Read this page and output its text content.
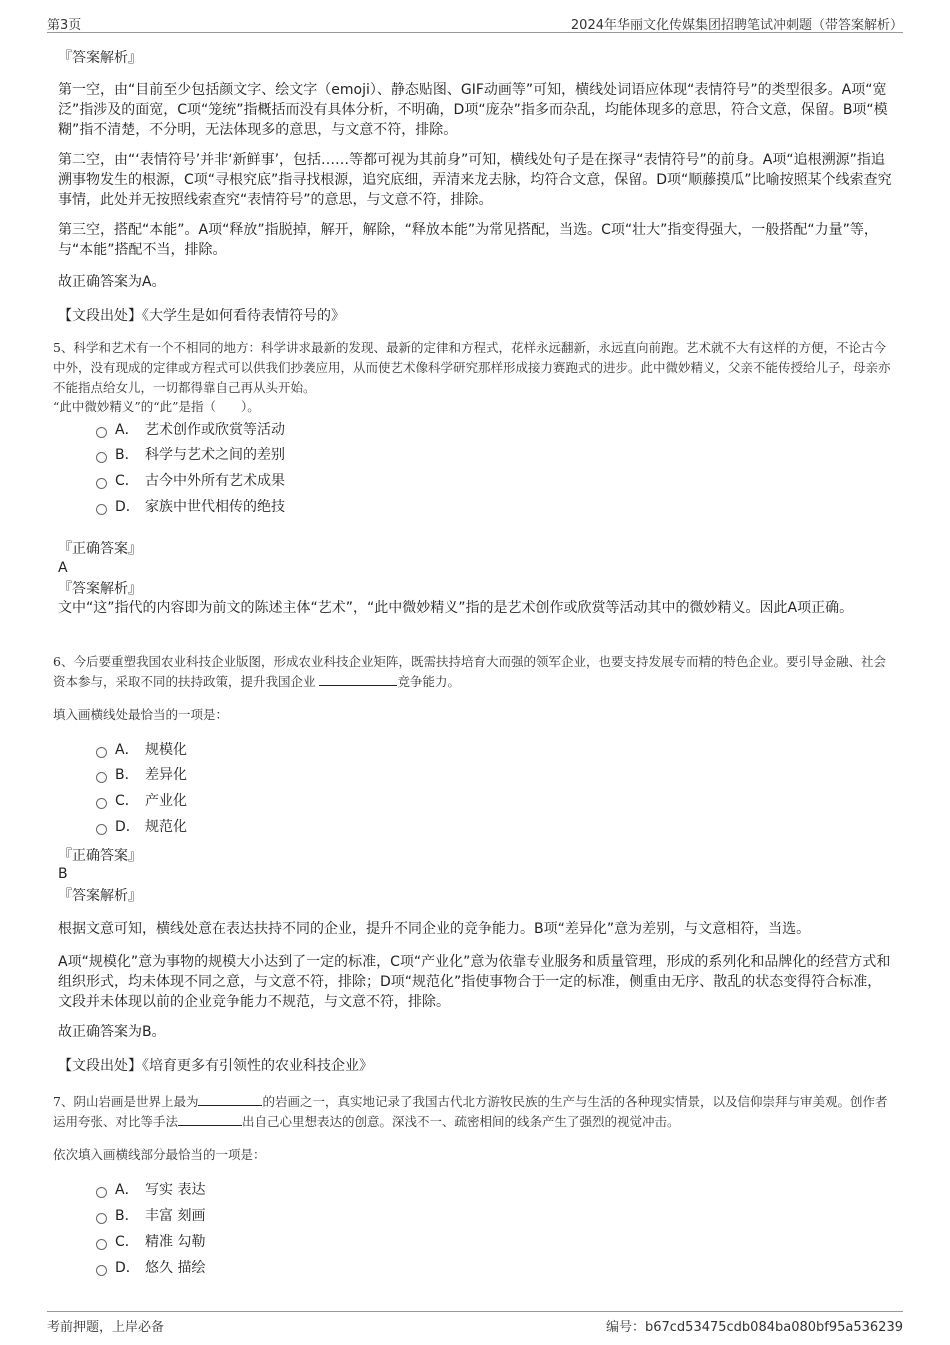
第3页	2024年华丽文化传媒集团招聘笔试冲刺题（带答案解析）
『答案解析』
第一空，由“目前至少包括颜文字、绘文字（emoji）、静态贴图、GIF动画等”可知，横线处词语应体现“表情符号”的类型很多。A项“宽泛”指涉及的面宽，C项“笼统”指概括而没有具体分析，不明确，D项“庞杂”指多而杂乱，均能体现多的意思，符合文意，保留。B项“模糊”指不清楚，不分明，无法体现多的意思，与文意不符，排除。
第二空，由“‘表情符号’并非‘新鲜事’，包括……等都可视为其前身”可知，横线处句子是在探寻“表情符号”的前身。A项“追根溯源”指追溯事物发生的根源，C项“寻根究底”指寻找根源，追究底细，弄清来龙去脉，均符合文意，保留。D项“顺藤摸瓜”比喻按照某个线索查究事情，此处并无按照线索查究“表情符号”的意思，与文意不符，排除。
第三空，搭配“本能”。A项“释放”指脱掉，解开，解除，“释放本能”为常见搭配，当选。C项“壮大”指变得强大，一般搭配“力量”等，与“本能”搭配不当，排除。
故正确答案为A。
【文段出处】《大学生是如何看待表情符号的》
5、科学和艺术有一个不相同的地方：科学讲求最新的发现、最新的定律和方程式，花样永远翻新，永远直向前跑。艺术就不大有这样的方便，不论古今中外，没有现成的定律或方程式可以供我们抄袭应用，从而使艺术像科学研究那样形成接力赛跑式的进步。此中微妙精义，父亲不能传授给儿子，母亲亦不能指点给女儿，一切都得靠自己再从头开始。
“此中微妙精义”的“此”是指（　　）。
A． 艺术创作或欣赏等活动
B． 科学与艺术之间的差别
C． 古今中外所有艺术成果
D． 家族中世代相传的绝技
『正确答案』
A
『答案解析』
文中“这”指代的内容即为前文的陈述主体“艺术”，“此中微妙精义”指的是艺术创作或欣赏等活动其中的微妙精义。因此A项正确。
6、今后要重塑我国农业科技企业版图，形成农业科技企业矩阵，既需扶持培育大而强的领军企业，也要支持发展专而精的特色企业。要引导金融、社会资本参与，采取不同的扶持政策，提升我国企业	竞争能力。
填入画横线处最恰当的一项是：
A． 规模化
B． 差异化
C． 产业化
D． 规范化
『正确答案』
B
『答案解析』
根据文意可知，横线处意在表达扶持不同的企业，提升不同企业的竞争能力。B项“差异化”意为差别，与文意相符，当选。
A项“规模化”意为事物的规模大小达到了一定的标准，C项“产业化”意为依靠专业服务和质量管理，形成的系列化和品牌化的经营方式和组织形式，均未体现不同之意，与文意不符，排除；D项“规范化”指使事物合于一定的标准，侧重由无序、散乱的状态变得符合标准，文段并未体现以前的企业竞争能力不规范，与文意不符，排除。
故正确答案为B。
【文段出处】《培育更多有引领性的农业科技企业》
7、阴山岩画是世界上最为	的岩画之一，真实地记录了我国古代北方游牧民族的生产与生活的各种现实情景，以及信仰崇拜与审美观。创作者运用夸张、对比等手法	出自己心里想表达的创意。深浅不一、疏密相间的线条产生了强烈的视觉冲击。
依次填入画横线部分最恰当的一项是：
A． 写实 表达
B． 丰富 刻画
C． 精准 勾勒
D． 悠久 描绘
考前押题，上岸必备	编号：b67cd53475cdb084ba080bf95a536239
